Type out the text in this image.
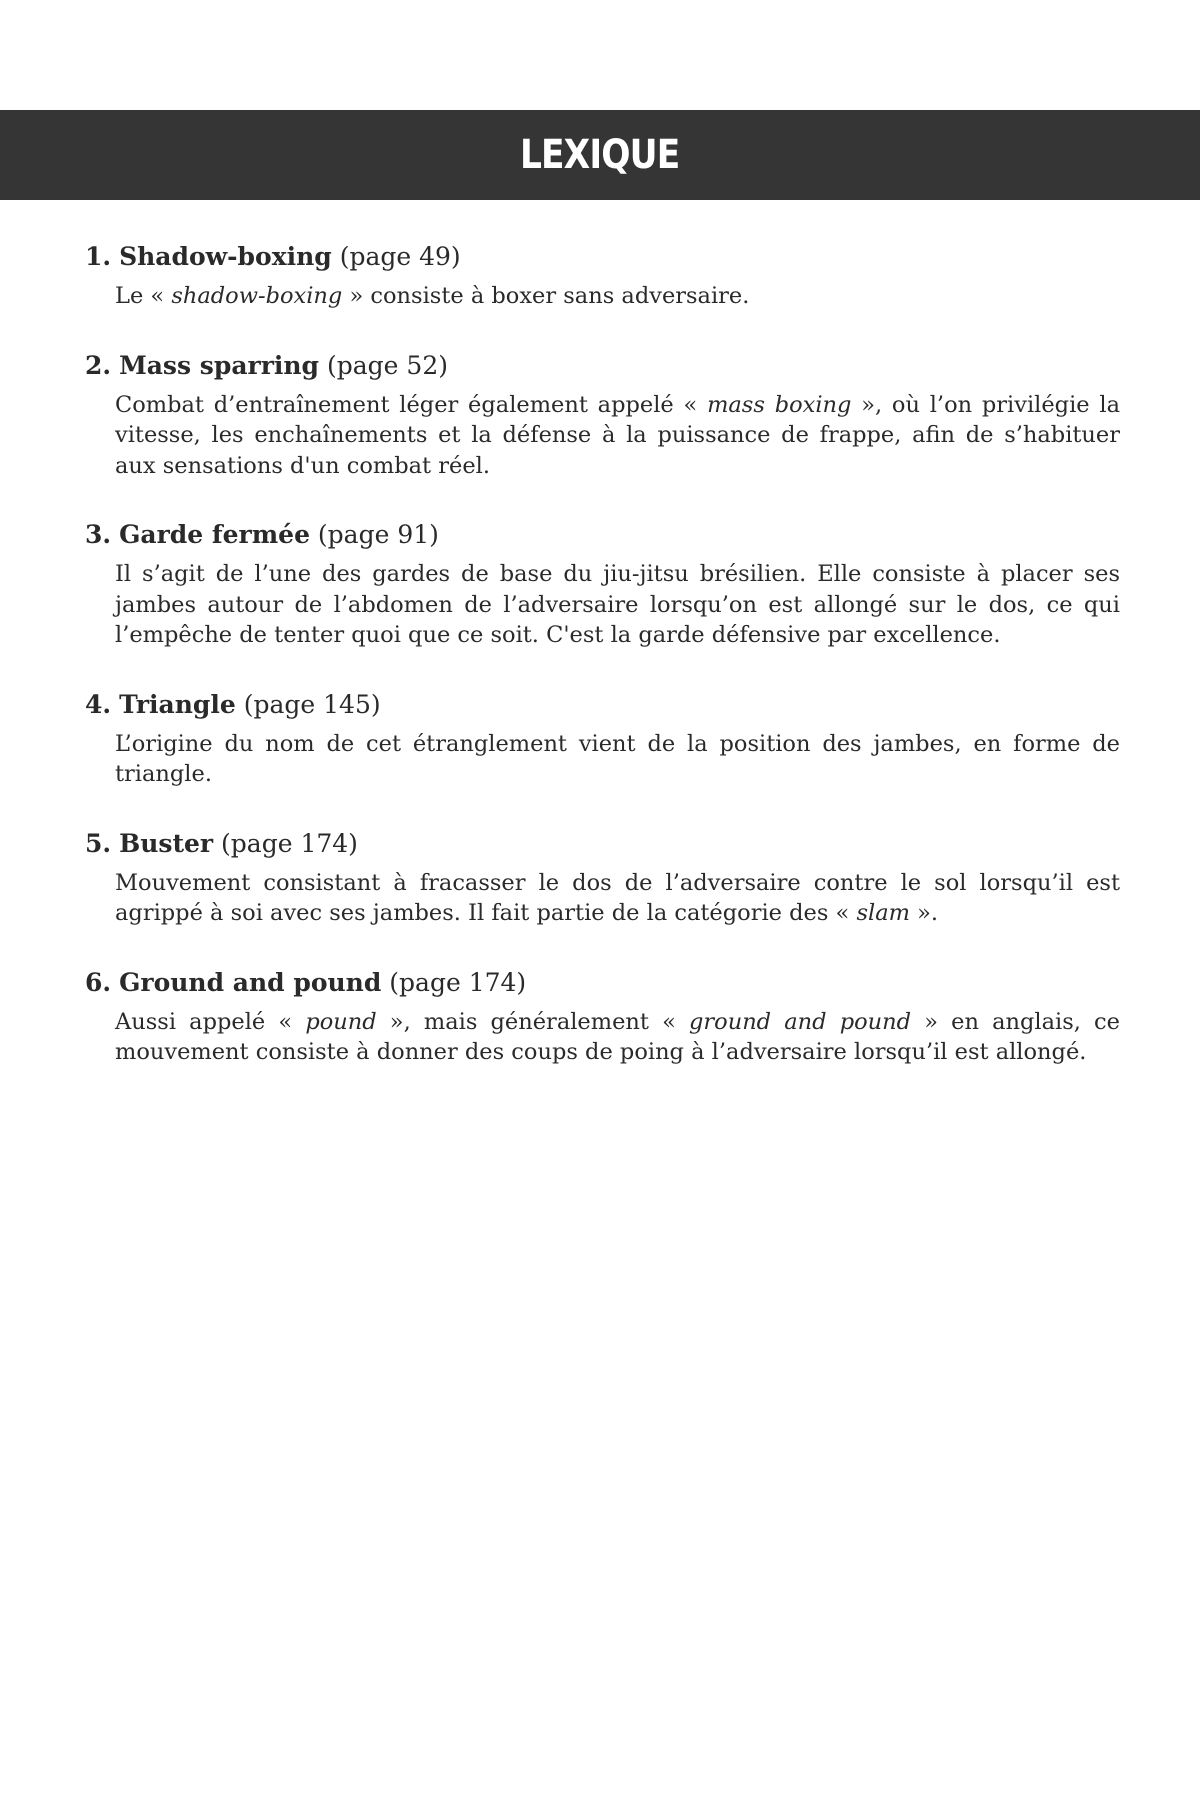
LEXIQUE

1. Shadow-boxing (page 49)

Le « shadow-boxing » consiste à boxer sans adversaire.

2. Mass sparring (page 52)

Combat d’entraînement léger également appelé « mass boxing », où l’on privilégie la vitesse, les enchaînements et la défense à la puissance de frappe, afin de s’habituer aux sensations d'un combat réel.

3. Garde fermée (page 91)

Il s’agit de l’une des gardes de base du jiu-jitsu brésilien. Elle consiste à placer ses jambes autour de l’abdomen de l’adversaire lorsqu’on est allongé sur le dos, ce qui l’empêche de tenter quoi que ce soit. C'est la garde défensive par excellence.

4. Triangle (page 145)

L’origine du nom de cet étranglement vient de la position des jambes, en forme de triangle.

5. Buster (page 174)

Mouvement consistant à fracasser le dos de l’adversaire contre le sol lorsqu’il est agrippé à soi avec ses jambes. Il fait partie de la catégorie des « slam ».

6. Ground and pound (page 174)

Aussi appelé « pound », mais généralement « ground and pound » en anglais, ce mouvement consiste à donner des coups de poing à l’adversaire lorsqu’il est allongé.
